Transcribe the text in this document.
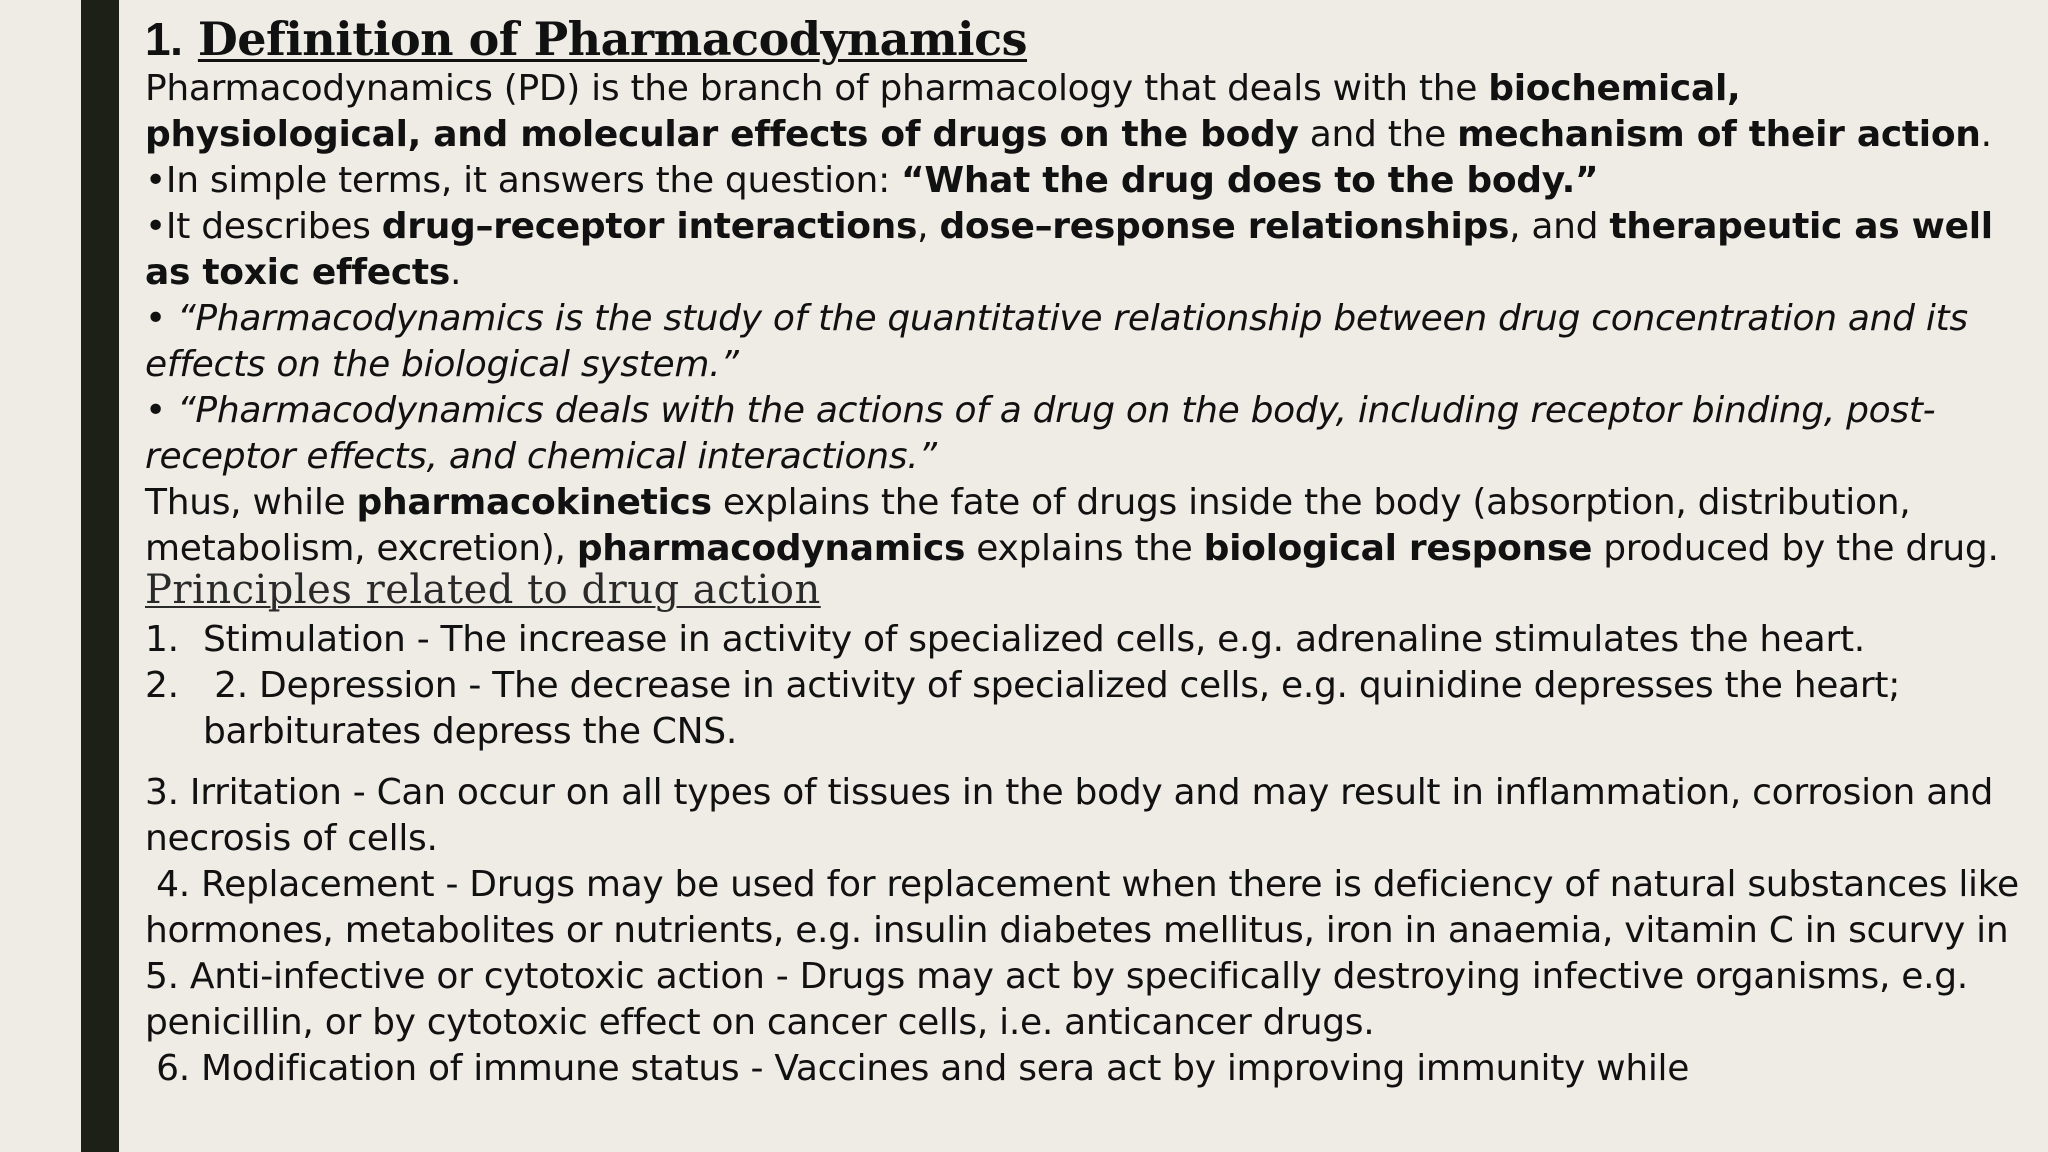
1. Definition of Pharmacodynamics

Pharmacodynamics (PD) is the branch of pharmacology that deals with the biochemical, physiological, and molecular effects of drugs on the body and the mechanism of their action.

•In simple terms, it answers the question: “What the drug does to the body.”

•It describes drug–receptor interactions, dose–response relationships, and therapeutic as well as toxic effects.

• “Pharmacodynamics is the study of the quantitative relationship between drug concentration and its effects on the biological system.”

• “Pharmacodynamics deals with the actions of a drug on the body, including receptor binding, post-receptor effects, and chemical interactions.”

Thus, while pharmacokinetics explains the fate of drugs inside the body (absorption, distribution, metabolism, excretion), pharmacodynamics explains the biological response produced by the drug.

Principles related to drug action
1. Stimulation - The increase in activity of specialized cells, e.g. adrenaline stimulates the heart.
2. 2. Depression - The decrease in activity of specialized cells, e.g. quinidine depresses the heart; barbiturates depress the CNS.

3. Irritation - Can occur on all types of tissues in the body and may result in inflammation, corrosion and necrosis of cells.

4. Replacement - Drugs may be used for replacement when there is deficiency of natural substances like hormones, metabolites or nutrients, e.g. insulin diabetes mellitus, iron in anaemia, vitamin C in scurvy in

5. Anti-infective or cytotoxic action - Drugs may act by specifically destroying infective organisms, e.g. penicillin, or by cytotoxic effect on cancer cells, i.e. anticancer drugs.

6. Modification of immune status - Vaccines and sera act by improving immunity while
